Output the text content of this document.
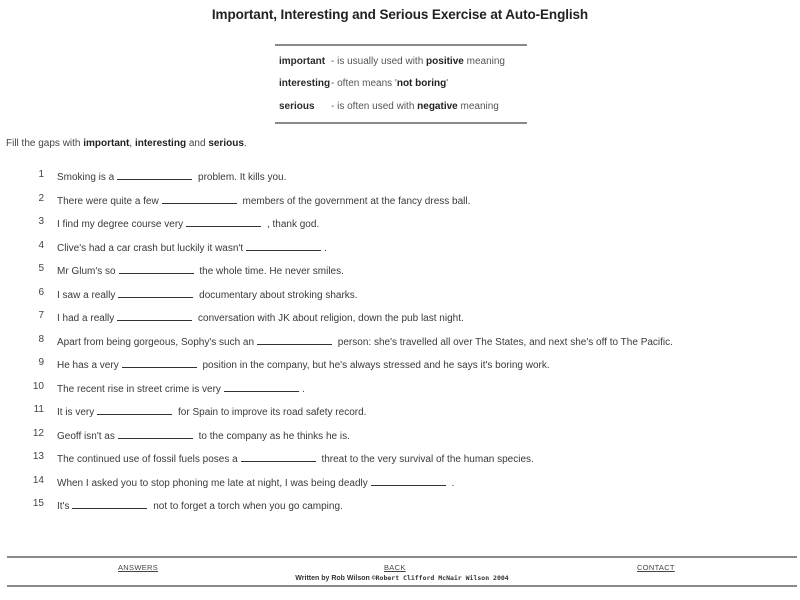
Important, Interesting and Serious Exercise at Auto-English
important - is usually used with positive meaning
interesting - often means 'not boring'
serious	- is often used with negative meaning
Fill the gaps with important, interesting and serious.
1 Smoking is a	problem. It kills you.
2 There were quite a few	members of the government at the fancy dress ball.
3 I find my degree course very	, thank god.
4 Clive's had a car crash but luckily it wasn't	.
5 Mr Glum's so	the whole time. He never smiles.
6 I saw a really	documentary about stroking sharks.
7 I had a really	conversation with JK about religion, down the pub last night.
8 Apart from being gorgeous, Sophy's such an	person: she's travelled all over The States, and next she's off to The Pacific.
9 He has a very	position in the company, but he's always stressed and he says it's boring work.
10 The recent rise in street crime is very	.
11 It is very	for Spain to improve its road safety record.
12 Geoff isn't as	to the company as he thinks he is.
13 The continued use of fossil fuels poses a	threat to the very survival of the human species.
14 When I asked you to stop phoning me late at night, I was being deadly	.
15 It's	not to forget a torch when you go camping.
ANSWERS	BACK	CONTACT
Written by Rob Wilson ©Robert Clifford McNair Wilson 2004
